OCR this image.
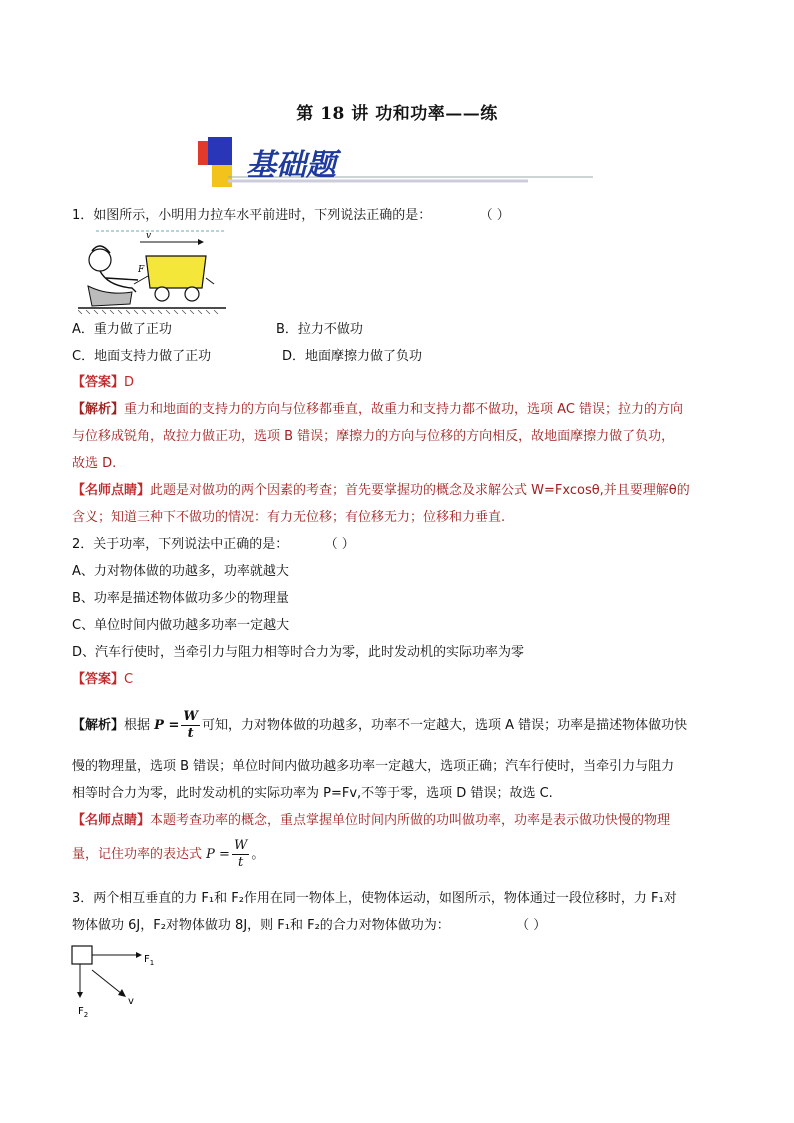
第 18 讲 功和功率——练
基础题
1．如图所示，小明用力拉车水平前进时，下列说法正确的是：	（ ）
v
F
A．重力做了正功	B．拉力不做功
C．地面支持力做了正功	D．地面摩擦力做了负功
【答案】D
【解析】重力和地面的支持力的方向与位移都垂直，故重力和支持力都不做功，选项 AC 错误；拉力的方向
与位移成锐角，故拉力做正功，选项 B 错误；摩擦力的方向与位移的方向相反，故地面摩擦力做了负功，
故选 D.
【名师点睛】此题是对做功的两个因素的考查；首先要掌握功的概念及求解公式 W=Fxcosθ,并且要理解θ的
含义；知道三种下不做功的情况：有力无位移；有位移无力；位移和力垂直.
2．关于功率，下列说法中正确的是：	（ ）
A、力对物体做的功越多，功率就越大
B、功率是描述物体做功多少的物理量
C、单位时间内做功越多功率一定越大
D、汽车行使时，当牵引力与阻力相等时合力为零，此时发动机的实际功率为零
【答案】C
【解析】根据 $P = \frac{W}{t}$ 可知，力对物体做的功越多，功率不一定越大，选项 A 错误；功率是描述物体做功快
慢的物理量，选项 B 错误；单位时间内做功越多功率一定越大，选项正确；汽车行使时，当牵引力与阻力
相等时合力为零，此时发动机的实际功率为 P=Fv,不等于零，选项 D 错误；故选 C.
【名师点睛】本题考查功率的概念，重点掌握单位时间内所做的功叫做功率，功率是表示做功快慢的物理
量，记住功率的表达式 $P = \frac{W}{t}$ 。
3．两个相互垂直的力 F₁和 F₂作用在同一物体上，使物体运动，如图所示，物体通过一段位移时，力 F₁对
物体做功 6J，F₂对物体做功 8J，则 F₁和 F₂的合力对物体做功为：	（ ）
$F_1$
$F_2$
v
